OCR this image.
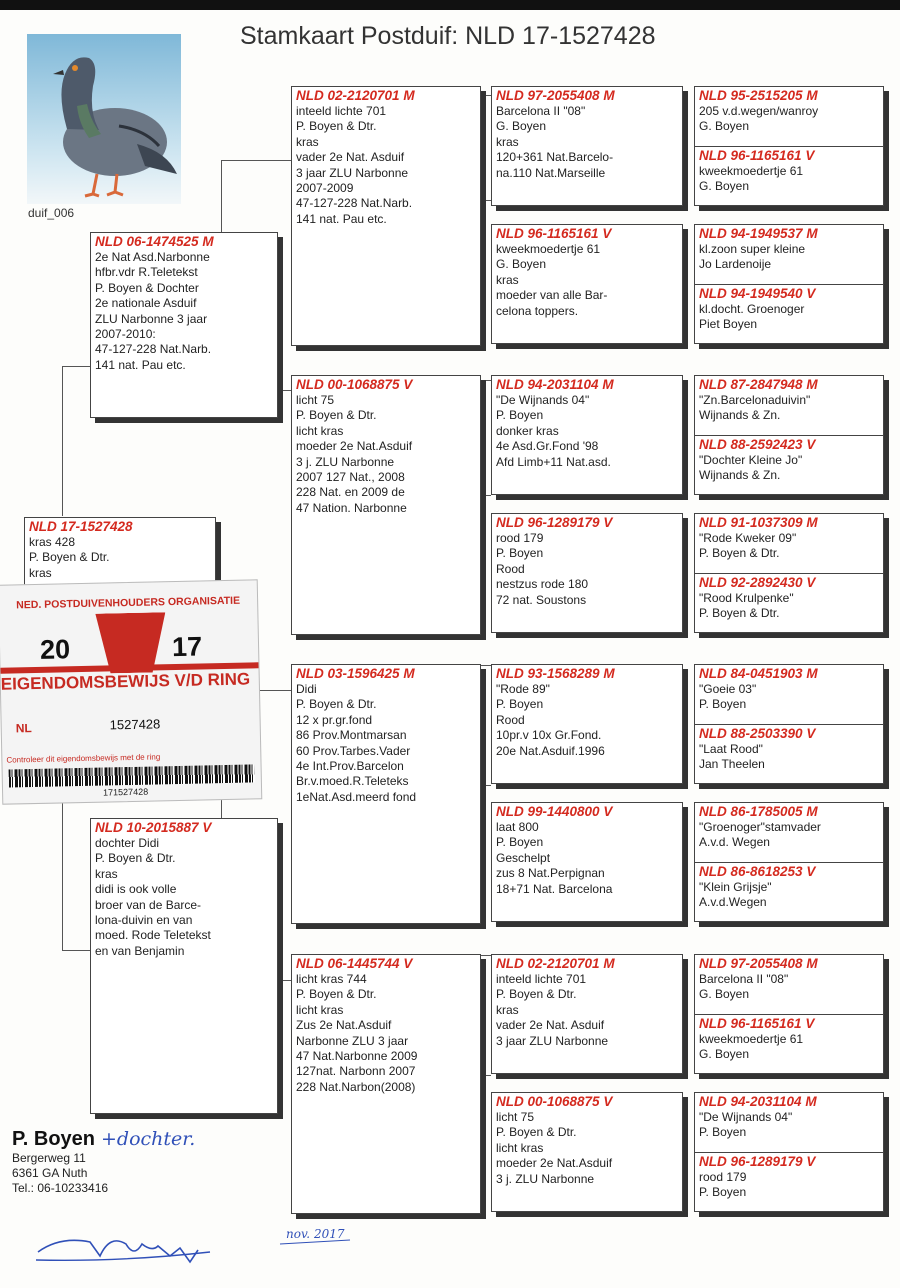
Stamkaart Postduif: NLD 17-1527428
duif_006
NLD 17-1527428
kras 428
P. Boyen & Dtr.
kras
NLD 06-1474525 M
2e Nat Asd.Narbonne
hfbr.vdr R.Teletekst
P. Boyen & Dochter
2e nationale Asduif
ZLU Narbonne 3 jaar
2007-2010:
47-127-228 Nat.Narb.
141 nat. Pau etc.
NLD 10-2015887 V
dochter Didi
P. Boyen & Dtr.
kras
didi is ook volle
broer van de Barce-
lona-duivin en van
moed. Rode Teletekst
en van Benjamin
NLD 02-2120701 M
inteeld lichte 701
P. Boyen & Dtr.
kras
vader 2e Nat. Asduif
3 jaar ZLU Narbonne
2007-2009
47-127-228 Nat.Narb.
141 nat. Pau etc.
NLD 00-1068875 V
licht 75
P. Boyen & Dtr.
licht kras
moeder 2e Nat.Asduif
3 j. ZLU Narbonne
2007 127 Nat., 2008
228 Nat. en 2009 de
47 Nation. Narbonne
NLD 03-1596425 M
Didi
P. Boyen & Dtr.
12 x pr.gr.fond
86 Prov.Montmarsan
60 Prov.Tarbes.Vader
4e Int.Prov.Barcelon
Br.v.moed.R.Teleteks
1eNat.Asd.meerd fond
NLD 06-1445744 V
licht kras 744
P. Boyen & Dtr.
licht kras
Zus 2e Nat.Asduif
Narbonne ZLU 3 jaar
47 Nat.Narbonne 2009
127nat. Narbonn 2007
228 Nat.Narbon(2008)
NLD 97-2055408 M
Barcelona II "08"
G. Boyen
kras
120+361 Nat.Barcelo-
na.110 Nat.Marseille
NLD 96-1165161 V
kweekmoedertje 61
G. Boyen
kras
moeder van alle Bar-
celona toppers.
NLD 94-2031104 M
"De Wijnands 04"
P. Boyen
donker kras
4e Asd.Gr.Fond '98
Afd Limb+11 Nat.asd.
NLD 96-1289179 V
rood 179
P. Boyen
Rood
nestzus rode 180
72 nat. Soustons
NLD 93-1568289 M
"Rode 89"
P. Boyen
Rood
10pr.v 10x Gr.Fond.
20e Nat.Asduif.1996
NLD 99-1440800 V
laat 800
P. Boyen
Geschelpt
zus 8 Nat.Perpignan
18+71 Nat. Barcelona
NLD 02-2120701 M
inteeld lichte 701
P. Boyen & Dtr.
kras
vader 2e Nat. Asduif
3 jaar ZLU Narbonne
NLD 00-1068875 V
licht 75
P. Boyen & Dtr.
licht kras
moeder 2e Nat.Asduif
3 j. ZLU Narbonne
NLD 95-2515205 M
205 v.d.wegen/wanroy
G. Boyen
NLD 96-1165161 V
kweekmoedertje 61
G. Boyen
NLD 94-1949537 M
kl.zoon super kleine
Jo Lardenoije
NLD 94-1949540 V
kl.docht. Groenoger
Piet Boyen
NLD 87-2847948 M
"Zn.Barcelonaduivin"
Wijnands & Zn.
NLD 88-2592423 V
"Dochter Kleine Jo"
Wijnands & Zn.
NLD 91-1037309 M
"Rode Kweker 09"
P. Boyen & Dtr.
NLD 92-2892430 V
"Rood Krulpenke"
P. Boyen & Dtr.
NLD 84-0451903 M
"Goeie 03"
P. Boyen
NLD 88-2503390 V
"Laat Rood"
Jan Theelen
NLD 86-1785005 M
"Groenoger"stamvader
A.v.d. Wegen
NLD 86-8618253 V
"Klein Grijsje"
A.v.d.Wegen
NLD 97-2055408 M
Barcelona II "08"
G. Boyen
NLD 96-1165161 V
kweekmoedertje 61
G. Boyen
NLD 94-2031104 M
"De Wijnands 04"
P. Boyen
NLD 96-1289179 V
rood 179
P. Boyen
NED. POSTDUIVENHOUDERS ORGANISATIE
20	17
EIGENDOMSBEWIJS V/D RING
NL	1527428
Controleer dit eigendomsbewijs met de ring
171527428
P. Boyen +dochter.
Bergerweg 11
6361 GA Nuth
Tel.: 06-10233416
nov. 2017
